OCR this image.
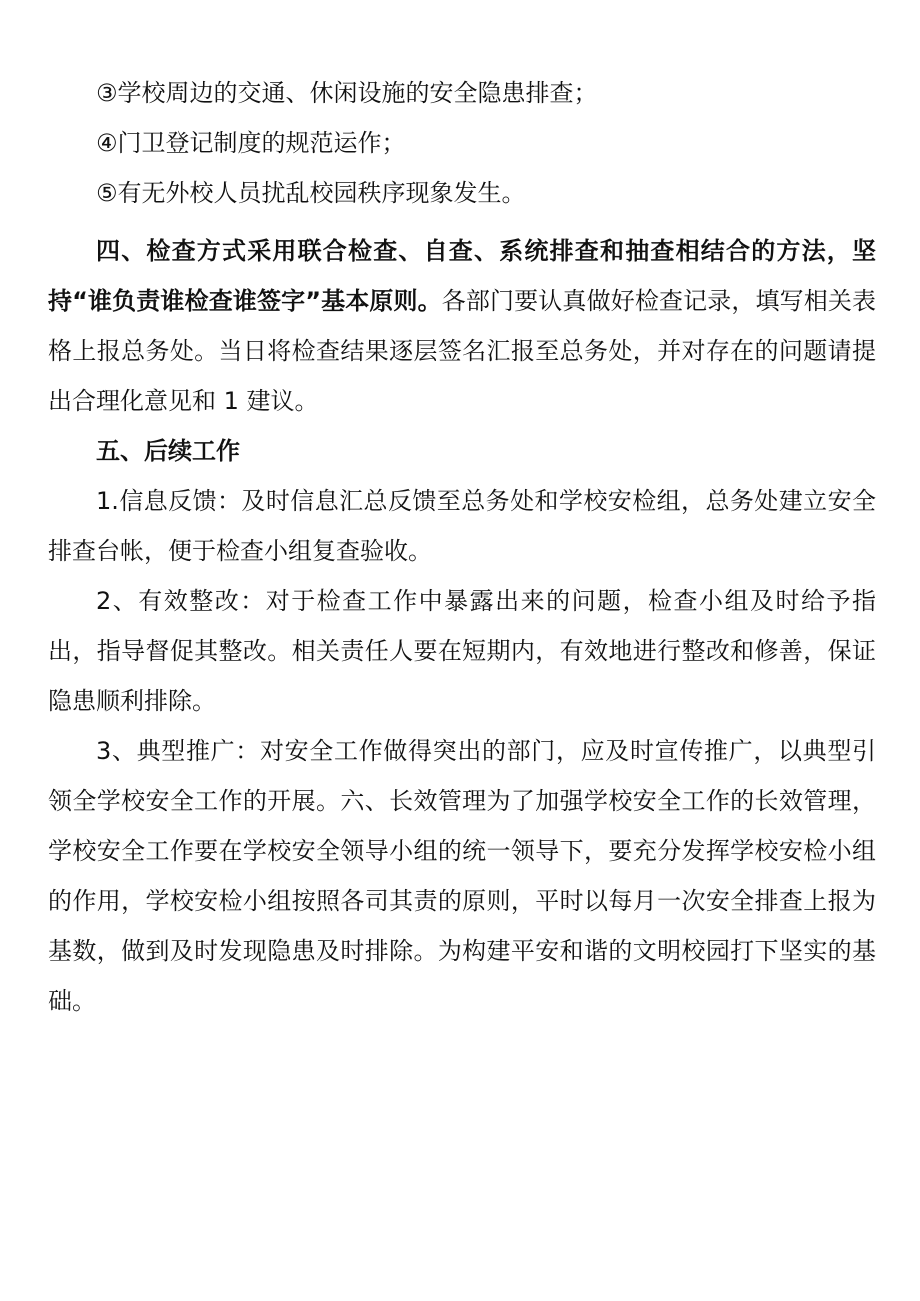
③学校周边的交通、休闲设施的安全隐患排查；

④门卫登记制度的规范运作；

⑤有无外校人员扰乱校园秩序现象发生。

四、检查方式采用联合检查、自查、系统排查和抽查相结合的方法，坚持“谁负责谁检查谁签字”基本原则。各部门要认真做好检查记录，填写相关表格上报总务处。当日将检查结果逐层签名汇报至总务处，并对存在的问题请提出合理化意见和 1 建议。

五、后续工作

1.信息反馈：及时信息汇总反馈至总务处和学校安检组，总务处建立安全排查台帐，便于检查小组复查验收。

2、有效整改：对于检查工作中暴露出来的问题，检查小组及时给予指出，指导督促其整改。相关责任人要在短期内，有效地进行整改和修善，保证隐患顺利排除。

3、典型推广：对安全工作做得突出的部门，应及时宣传推广，以典型引领全学校安全工作的开展。六、长效管理为了加强学校安全工作的长效管理，学校安全工作要在学校安全领导小组的统一领导下，要充分发挥学校安检小组的作用，学校安检小组按照各司其责的原则，平时以每月一次安全排查上报为基数，做到及时发现隐患及时排除。为构建平安和谐的文明校园打下坚实的基础。
